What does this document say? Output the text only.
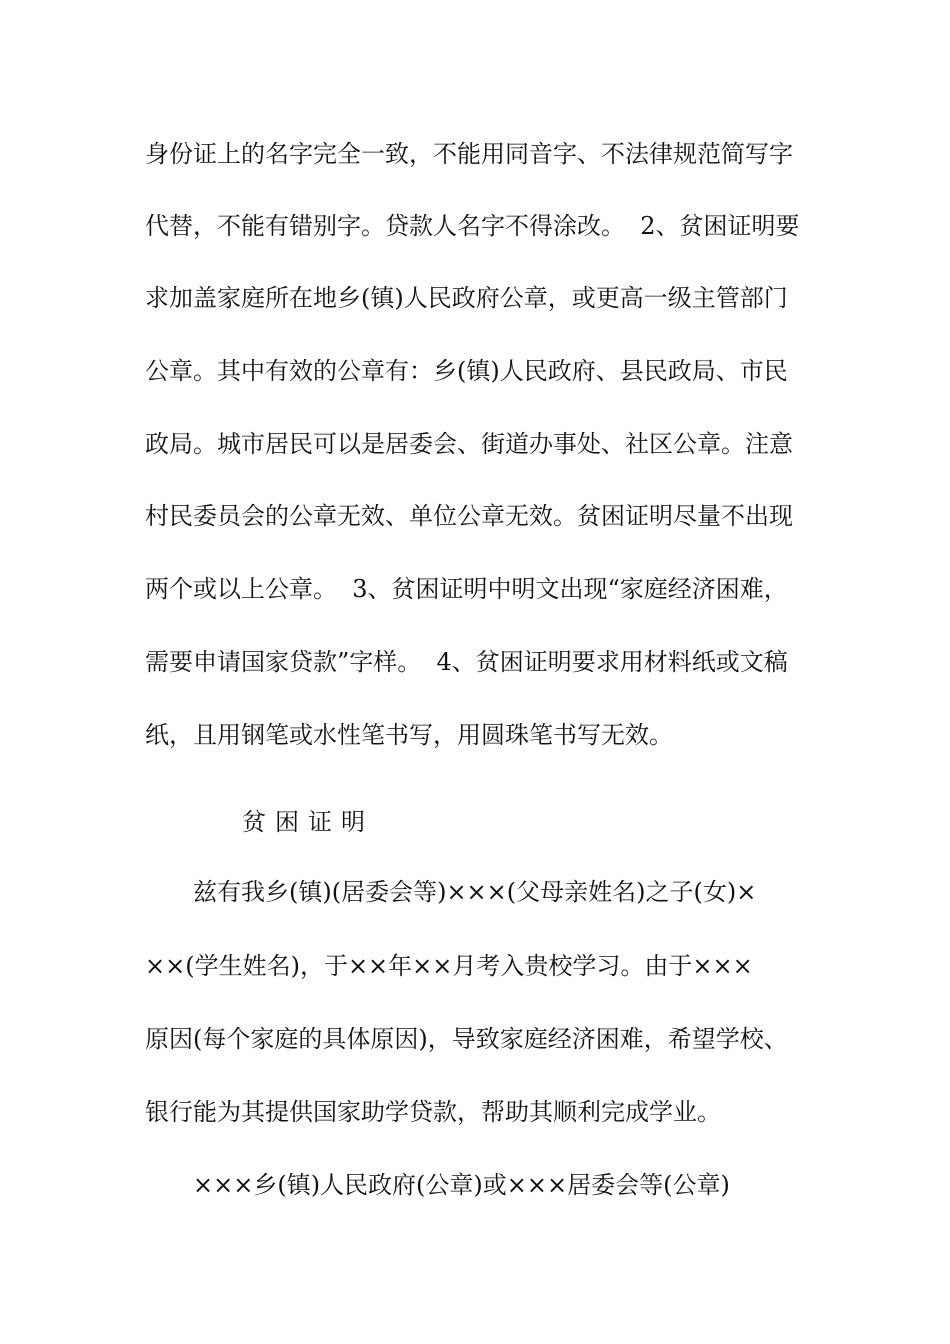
身份证上的名字完全一致，不能用同音字、不法律规范简写字
代替，不能有错别字。贷款人名字不得涂改。  2、贫困证明要
求加盖家庭所在地乡(镇)人民政府公章，或更高一级主管部门
公章。其中有效的公章有：乡(镇)人民政府、县民政局、市民
政局。城市居民可以是居委会、街道办事处、社区公章。注意
村民委员会的公章无效、单位公章无效。贫困证明尽量不出现
两个或以上公章。  3、贫困证明中明文出现“家庭经济困难，
需要申请国家贷款”字样。  4、贫困证明要求用材料纸或文稿
纸，且用钢笔或水性笔书写，用圆珠笔书写无效。
贫困证明
兹有我乡(镇)(居委会等)×××(父母亲姓名)之子(女)×
××(学生姓名)，于××年××月考入贵校学习。由于×××
原因(每个家庭的具体原因)，导致家庭经济困难，希望学校、
银行能为其提供国家助学贷款，帮助其顺利完成学业。
×××乡(镇)人民政府(公章)或×××居委会等(公章)
